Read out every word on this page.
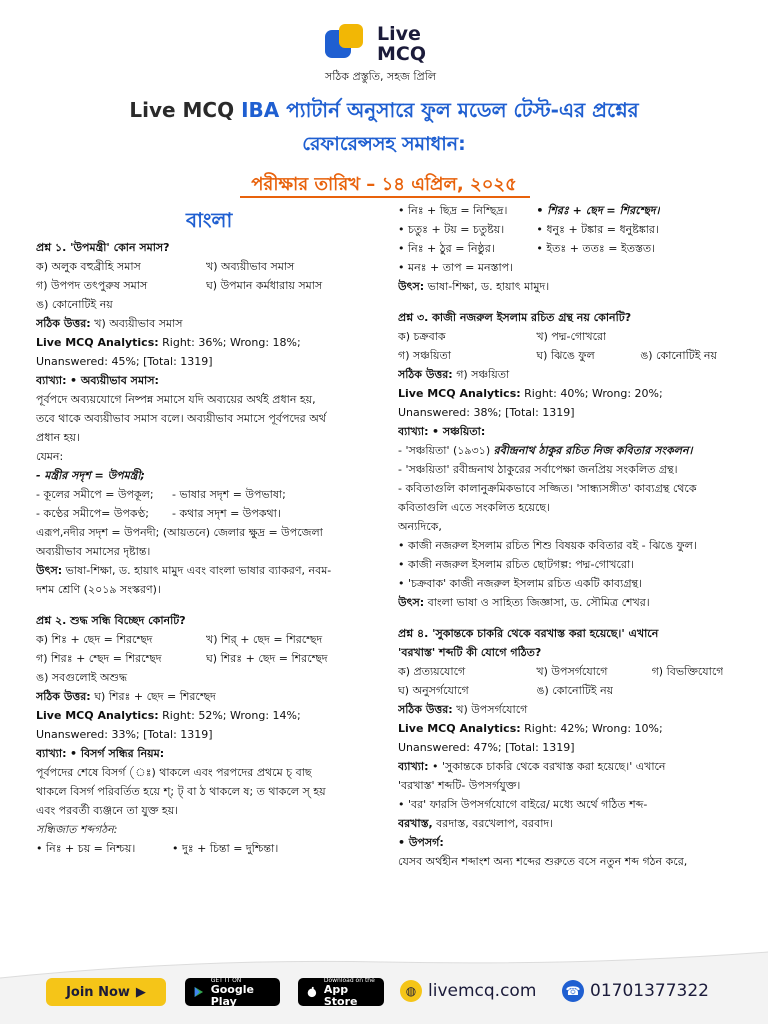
Live
MCQ
সঠিক প্রস্তুতি, সহজ প্রিলি
Live MCQ IBA প্যাটার্ন অনুসারে ফুল মডেল টেস্ট-এর প্রশ্নের
রেফারেন্সসহ সমাধান:
পরীক্ষার তারিখ – ১৪ এপ্রিল, ২০২৫
বাংলা
প্রশ্ন ১. 'উপমন্ত্রী' কোন সমাস?
ক) অলুক বহুব্রীহি সমাস	খ) অব্যয়ীভাব সমাস
গ) উপপদ তৎপুরুষ সমাস	ঘ) উপমান কর্মধারায় সমাস
ঙ) কোনোটিই নয়
সঠিক উত্তর: খ) অব্যয়ীভাব সমাস
Live MCQ Analytics: Right: 36%; Wrong: 18%;
Unanswered: 45%; [Total: 1319]
ব্যাখ্যা: • অব্যয়ীভাব সমাস:
পূর্বপদে অব্যয়যোগে নিষ্পন্ন সমাসে যদি অব্যয়ের অর্থই প্রধান হয়,
তবে থাকে অব্যয়ীভাব সমাস বলে। অব্যয়ীভাব সমাসে পূর্বপদের অর্থ
প্রধান হয়।
যেমন:
- মন্ত্রীর সদৃশ = উপমন্ত্রী;
- কূলের সমীপে = উপকূল;	- ভাষার সদৃশ = উপভাষা;
- কণ্ঠের সমীপে= উপকণ্ঠ;	- কথার সদৃশ = উপকথা।
এরূপ,নদীর সদৃশ = উপনদী; (আয়তনে) জেলার ক্ষুদ্র = উপজেলা
অব্যয়ীভাব সমাসের দৃষ্টান্ত।
উৎস: ভাষা-শিক্ষা, ড. হায়াৎ মামুদ এবং বাংলা ভাষার ব্যাকরণ, নবম-
দশম শ্রেণি (২০১৯ সংস্করণ)।
প্রশ্ন ২. শুদ্ধ সন্ধি বিচ্ছেদ কোনটি?
ক) শিঃ + ছেদ = শিরশ্ছেদ	খ) শির্ + ছেদ = শিরশ্ছেদ
গ) শিরঃ + শ্ছেদ = শিরশ্ছেদ	ঘ) শিরঃ + ছেদ = শিরশ্ছেদ
ঙ) সবগুলোই অশুদ্ধ
সঠিক উত্তর: ঘ) শিরঃ + ছেদ = শিরশ্ছেদ
Live MCQ Analytics: Right: 52%; Wrong: 14%;
Unanswered: 33%; [Total: 1319]
ব্যাখ্যা: • বিসর্গ সন্ধির নিয়ম:
পূর্বপদের শেষে বিসর্গ (ঃ) থাকলে এবং পরপদের প্রথমে চ্ বাছ
থাকলে বিসর্গ পরিবর্তিত হয়ে শ্; ট্ বা ঠ থাকলে ষ; ত থাকলে স্ হয়
এবং পরবর্তী ব্যঞ্জনে তা যুক্ত হয়।
সন্ধিজাত শব্দগঠন:
• নিঃ + চয় = নিশ্চয়।	• দুঃ + চিন্তা = দুশ্চিন্তা।
• নিঃ + ছিদ্র = নিশ্ছিদ্র।	• শিরঃ + ছেদ = শিরশ্ছেদ।
• চতুঃ + টয় = চতুষ্টয়।	• ধনুঃ + টঙ্কার = ধনুষ্টঙ্কার।
• নিঃ + ঠুর = নিষ্ঠুর।	• ইতঃ + ততঃ = ইতস্তত।
• মনঃ + তাপ = মনস্তাপ।
উৎস: ভাষা-শিক্ষা, ড. হায়াৎ মামুদ।
প্রশ্ন ৩. কাজী নজরুল ইসলাম রচিত গ্রন্থ নয় কোনটি?
ক) চক্রবাক	খ) পদ্ম-গোখরো
গ) সঞ্চয়িতা	ঘ) ঝিঙে ফুল	ঙ) কোনোটিই নয়
সঠিক উত্তর: গ) সঞ্চয়িতা
Live MCQ Analytics: Right: 40%; Wrong: 20%;
Unanswered: 38%; [Total: 1319]
ব্যাখ্যা: • সঞ্চয়িতা:
- 'সঞ্চয়িতা' (১৯৩১) রবীন্দ্রনাথ ঠাকুর রচিত নিজ কবিতার সংকলন।
- 'সঞ্চয়িতা' রবীন্দ্রনাথ ঠাকুরের সর্বাপেক্ষা জনপ্রিয় সংকলিত গ্রন্থ।
- কবিতাগুলি কালানুক্রমিকভাবে সজ্জিত। 'সান্ধ্যসঙ্গীত' কাব্যগ্রন্থ থেকে
কবিতাগুলি এতে সংকলিত হয়েছে।
অন্যদিকে,
• কাজী নজরুল ইসলাম রচিত শিশু বিষয়ক কবিতার বই - ঝিঙে ফুল।
• কাজী নজরুল ইসলাম রচিত ছোটগল্প: পদ্ম-গোখরো।
• 'চক্রবাক' কাজী নজরুল ইসলাম রচিত একটি কাব্যগ্রন্থ।
উৎস: বাংলা ভাষা ও সাহিত্য জিজ্ঞাসা, ড. সৌমিত্র শেখর।
প্রশ্ন ৪. 'সুকান্তকে চাকরি থেকে বরখাস্ত করা হয়েছে।' এখানে
'বরখাস্ত' শব্দটি কী যোগে গঠিত?
ক) প্রত্যয়যোগে	খ) উপসর্গযোগে	গ) বিভক্তিযোগে
ঘ) অনুসর্গযোগে	ঙ) কোনোটিই নয়
সঠিক উত্তর: খ) উপসর্গযোগে
Live MCQ Analytics: Right: 42%; Wrong: 10%;
Unanswered: 47%; [Total: 1319]
ব্যাখ্যা: • 'সুকান্তকে চাকরি থেকে বরখাস্ত করা হয়েছে।' এখানে
'বরখাস্ত' শব্দটি- উপসর্গযুক্ত।
• 'বর' ফারসি উপসর্গযোগে বাইরে/ মধ্যে অর্থে গঠিত শব্দ-
বরখাস্ত, বরদাস্ত, বরখেলাপ, বরবাদ।
• উপসর্গ:
যেসব অর্থহীন শব্দাংশ অন্য শব্দের শুরুতে বসে নতুন শব্দ গঠন করে,
Join Now ▶
GET IT ON
Google Play
Download on the
App Store
◍ livemcq.com ☎ 01701377322
